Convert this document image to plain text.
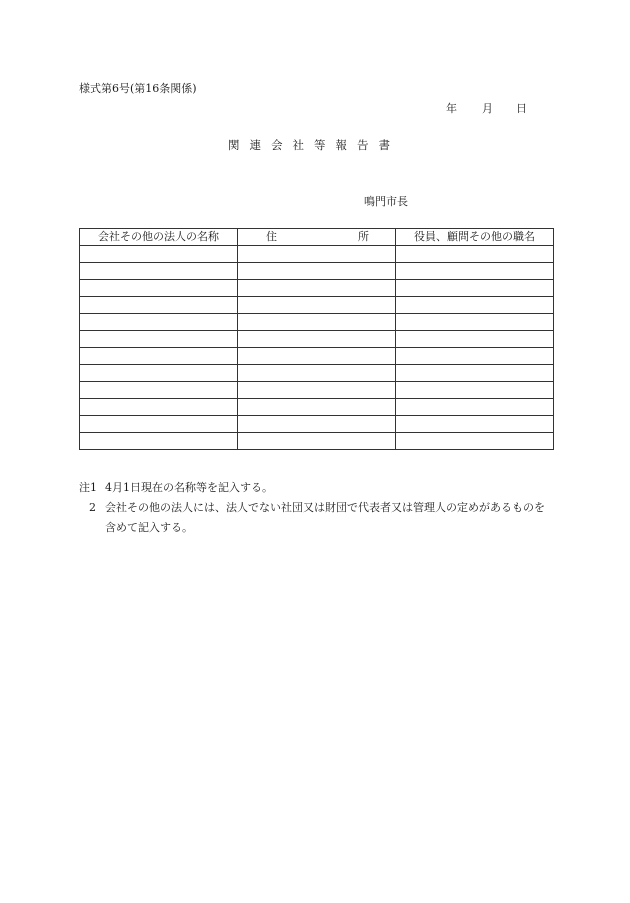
様式第6号(第16条関係)
年 月 日
関連会社等報告書
鳴門市長
会社その他の法人の名称	住 所	役員、顧問その他の職名

注1 4月1日現在の名称等を記入する。
2 会社その他の法人には、法人でない社団又は財団で代表者又は管理人の定めがあるものを含めて記入する。
